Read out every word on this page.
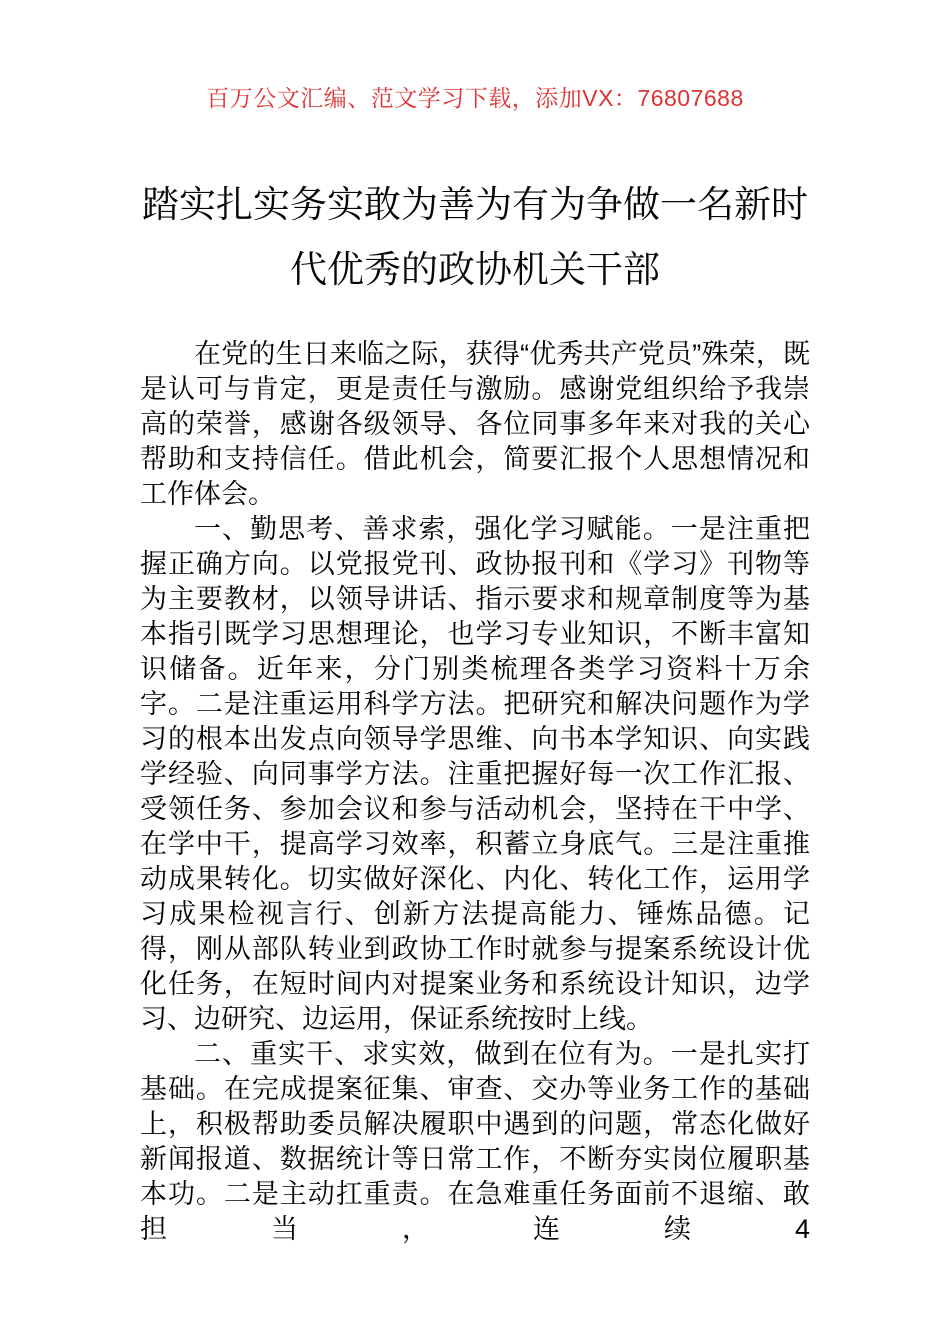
百万公文汇编、范文学习下载，添加VX：76807688
踏实扎实务实敢为善为有为争做一名新时
代优秀的政协机关干部

在党的生日来临之际，获得“优秀共产党员”殊荣，既是认可与肯定，更是责任与激励。感谢党组织给予我崇高的荣誉，感谢各级领导、各位同事多年来对我的关心帮助和支持信任。借此机会，简要汇报个人思想情况和工作体会。

一、勤思考、善求索，强化学习赋能。一是注重把握正确方向。以党报党刊、政协报刊和《学习》刊物等为主要教材，以领导讲话、指示要求和规章制度等为基本指引既学习思想理论，也学习专业知识，不断丰富知识储备。近年来，分门别类梳理各类学习资料十万余字。二是注重运用科学方法。把研究和解决问题作为学习的根本出发点向领导学思维、向书本学知识、向实践学经验、向同事学方法。注重把握好每一次工作汇报、受领任务、参加会议和参与活动机会，坚持在干中学、在学中干，提高学习效率，积蓄立身底气。三是注重推动成果转化。切实做好深化、内化、转化工作，运用学习成果检视言行、创新方法提高能力、锤炼品德。记得，刚从部队转业到政协工作时就参与提案系统设计优化任务，在短时间内对提案业务和系统设计知识，边学习、边研究、边运用，保证系统按时上线。

二、重实干、求实效，做到在位有为。一是扎实打基础。在完成提案征集、审查、交办等业务工作的基础上，积极帮助委员解决履职中遇到的问题，常态化做好新闻报道、数据统计等日常工作，不断夯实岗位履职基本功。二是主动扛重责。在急难重任务面前不退缩、敢担当，连续4
